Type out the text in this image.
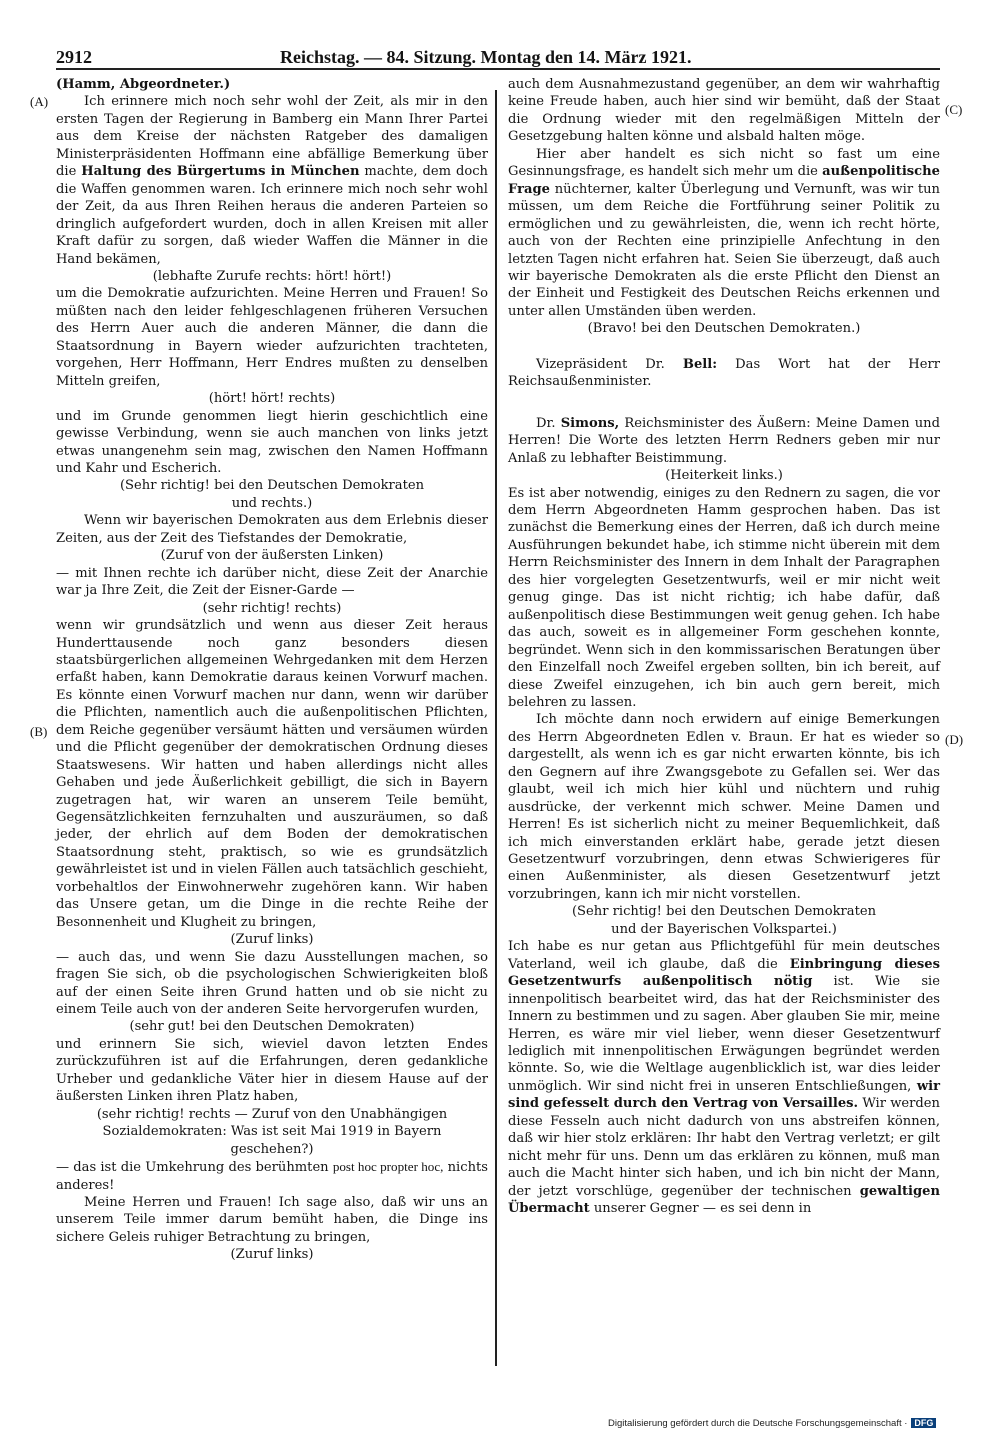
2912	Reichstag. — 84. Sitzung. Montag den 14. März 1921.
(A)
(B)
(C)
(D)

(Hamm, Abgeordneter.)

Ich erinnere mich noch sehr wohl der Zeit, als mir in den ersten Tagen der Regierung in Bamberg ein Mann Ihrer Partei aus dem Kreise der nächsten Ratgeber des damaligen Ministerpräsidenten Hoffmann eine abfällige Bemerkung über die Haltung des Bürgertums in München machte, dem doch die Waffen genommen waren. Ich erinnere mich noch sehr wohl der Zeit, da aus Ihren Reihen heraus die anderen Parteien so dringlich aufgefordert wurden, doch in allen Kreisen mit aller Kraft dafür zu sorgen, daß wieder Waffen die Männer in die Hand bekämen,

(lebhafte Zurufe rechts: hört! hört!)

um die Demokratie aufzurichten. Meine Herren und Frauen! So müßten nach den leider fehlgeschlagenen früheren Versuchen des Herrn Auer auch die anderen Männer, die dann die Staatsordnung in Bayern wieder aufzurichten trachteten, vorgehen, Herr Hoffmann, Herr Endres mußten zu denselben Mitteln greifen,

(hört! hört! rechts)

und im Grunde genommen liegt hierin geschichtlich eine gewisse Verbindung, wenn sie auch manchen von links jetzt etwas unangenehm sein mag, zwischen den Namen Hoffmann und Kahr und Escherich.

(Sehr richtig! bei den Deutschen Demokraten

und rechts.)

Wenn wir bayerischen Demokraten aus dem Erlebnis dieser Zeiten, aus der Zeit des Tiefstandes der Demokratie,

(Zuruf von der äußersten Linken)

— mit Ihnen rechte ich darüber nicht, diese Zeit der Anarchie war ja Ihre Zeit, die Zeit der Eisner-Garde —

(sehr richtig! rechts)

wenn wir grundsätzlich und wenn aus dieser Zeit heraus Hunderttausende noch ganz besonders diesen staatsbürgerlichen allgemeinen Wehrgedanken mit dem Herzen erfaßt haben, kann Demokratie daraus keinen Vorwurf machen. Es könnte einen Vorwurf machen nur dann, wenn wir darüber die Pflichten, namentlich auch die außenpolitischen Pflichten, dem Reiche gegenüber versäumt hätten und versäumen würden und die Pflicht gegenüber der demokratischen Ordnung dieses Staatswesens. Wir hatten und haben allerdings nicht alles Gehaben und jede Äußerlichkeit gebilligt, die sich in Bayern zugetragen hat, wir waren an unserem Teile bemüht, Gegensätzlichkeiten fernzuhalten und auszuräumen, so daß jeder, der ehrlich auf dem Boden der demokratischen Staatsordnung steht, praktisch, so wie es grundsätzlich gewährleistet ist und in vielen Fällen auch tatsächlich geschieht, vorbehaltlos der Einwohnerwehr zugehören kann. Wir haben das Unsere getan, um die Dinge in die rechte Reihe der Besonnenheit und Klugheit zu bringen,

(Zuruf links)

— auch das, und wenn Sie dazu Ausstellungen machen, so fragen Sie sich, ob die psychologischen Schwierigkeiten bloß auf der einen Seite ihren Grund hatten und ob sie nicht zu einem Teile auch von der anderen Seite hervorgerufen wurden,

(sehr gut! bei den Deutschen Demokraten)

und erinnern Sie sich, wieviel davon letzten Endes zurückzuführen ist auf die Erfahrungen, deren gedankliche Urheber und gedankliche Väter hier in diesem Hause auf der äußersten Linken ihren Platz haben,

(sehr richtig! rechts — Zuruf von den Unabhängigen

Sozialdemokraten: Was ist seit Mai 1919 in Bayern

geschehen?)

— das ist die Umkehrung des berühmten post hoc propter hoc, nichts anderes!

Meine Herren und Frauen! Ich sage also, daß wir uns an unserem Teile immer darum bemüht haben, die Dinge ins sichere Geleis ruhiger Betrachtung zu bringen,

(Zuruf links)

auch dem Ausnahmezustand gegenüber, an dem wir wahrhaftig keine Freude haben, auch hier sind wir bemüht, daß der Staat die Ordnung wieder mit den regelmäßigen Mitteln der Gesetzgebung halten könne und alsbald halten möge.

Hier aber handelt es sich nicht so fast um eine Gesinnungsfrage, es handelt sich mehr um die außenpolitische Frage nüchterner, kalter Überlegung und Vernunft, was wir tun müssen, um dem Reiche die Fortführung seiner Politik zu ermöglichen und zu gewährleisten, die, wenn ich recht hörte, auch von der Rechten eine prinzipielle Anfechtung in den letzten Tagen nicht erfahren hat. Seien Sie überzeugt, daß auch wir bayerische Demokraten als die erste Pflicht den Dienst an der Einheit und Festigkeit des Deutschen Reichs erkennen und unter allen Umständen üben werden.

(Bravo! bei den Deutschen Demokraten.)

Vizepräsident Dr. Bell: Das Wort hat der Herr Reichsaußenminister.

Dr. Simons, Reichsminister des Äußern: Meine Damen und Herren! Die Worte des letzten Herrn Redners geben mir nur Anlaß zu lebhafter Beistimmung.

(Heiterkeit links.)

Es ist aber notwendig, einiges zu den Rednern zu sagen, die vor dem Herrn Abgeordneten Hamm gesprochen haben. Das ist zunächst die Bemerkung eines der Herren, daß ich durch meine Ausführungen bekundet habe, ich stimme nicht überein mit dem Herrn Reichsminister des Innern in dem Inhalt der Paragraphen des hier vorgelegten Gesetzentwurfs, weil er mir nicht weit genug ginge. Das ist nicht richtig; ich habe dafür, daß außenpolitisch diese Bestimmungen weit genug gehen. Ich habe das auch, soweit es in allgemeiner Form geschehen konnte, begründet. Wenn sich in den kommissarischen Beratungen über den Einzelfall noch Zweifel ergeben sollten, bin ich bereit, auf diese Zweifel einzugehen, ich bin auch gern bereit, mich belehren zu lassen.

Ich möchte dann noch erwidern auf einige Bemerkungen des Herrn Abgeordneten Edlen v. Braun. Er hat es wieder so dargestellt, als wenn ich es gar nicht erwarten könnte, bis ich den Gegnern auf ihre Zwangsgebote zu Gefallen sei. Wer das glaubt, weil ich mich hier kühl und nüchtern und ruhig ausdrücke, der verkennt mich schwer. Meine Damen und Herren! Es ist sicherlich nicht zu meiner Bequemlichkeit, daß ich mich einverstanden erklärt habe, gerade jetzt diesen Gesetzentwurf vorzubringen, denn etwas Schwierigeres für einen Außenminister, als diesen Gesetzentwurf jetzt vorzubringen, kann ich mir nicht vorstellen.

(Sehr richtig! bei den Deutschen Demokraten

und der Bayerischen Volkspartei.)

Ich habe es nur getan aus Pflichtgefühl für mein deutsches Vaterland, weil ich glaube, daß die Einbringung dieses Gesetzentwurfs außenpolitisch nötig ist. Wie sie innenpolitisch bearbeitet wird, das hat der Reichsminister des Innern zu bestimmen und zu sagen. Aber glauben Sie mir, meine Herren, es wäre mir viel lieber, wenn dieser Gesetzentwurf lediglich mit innenpolitischen Erwägungen begründet werden könnte. So, wie die Weltlage augenblicklich ist, war dies leider unmöglich. Wir sind nicht frei in unseren Entschließungen, wir sind gefesselt durch den Vertrag von Versailles. Wir werden diese Fesseln auch nicht dadurch von uns abstreifen können, daß wir hier stolz erklären: Ihr habt den Vertrag verletzt; er gilt nicht mehr für uns. Denn um das erklären zu können, muß man auch die Macht hinter sich haben, und ich bin nicht der Mann, der jetzt vorschlüge, gegenüber der technischen gewaltigen Übermacht unserer Gegner — es sei denn in

Digitalisierung gefördert durch die Deutsche Forschungsgemeinschaft · DFG
